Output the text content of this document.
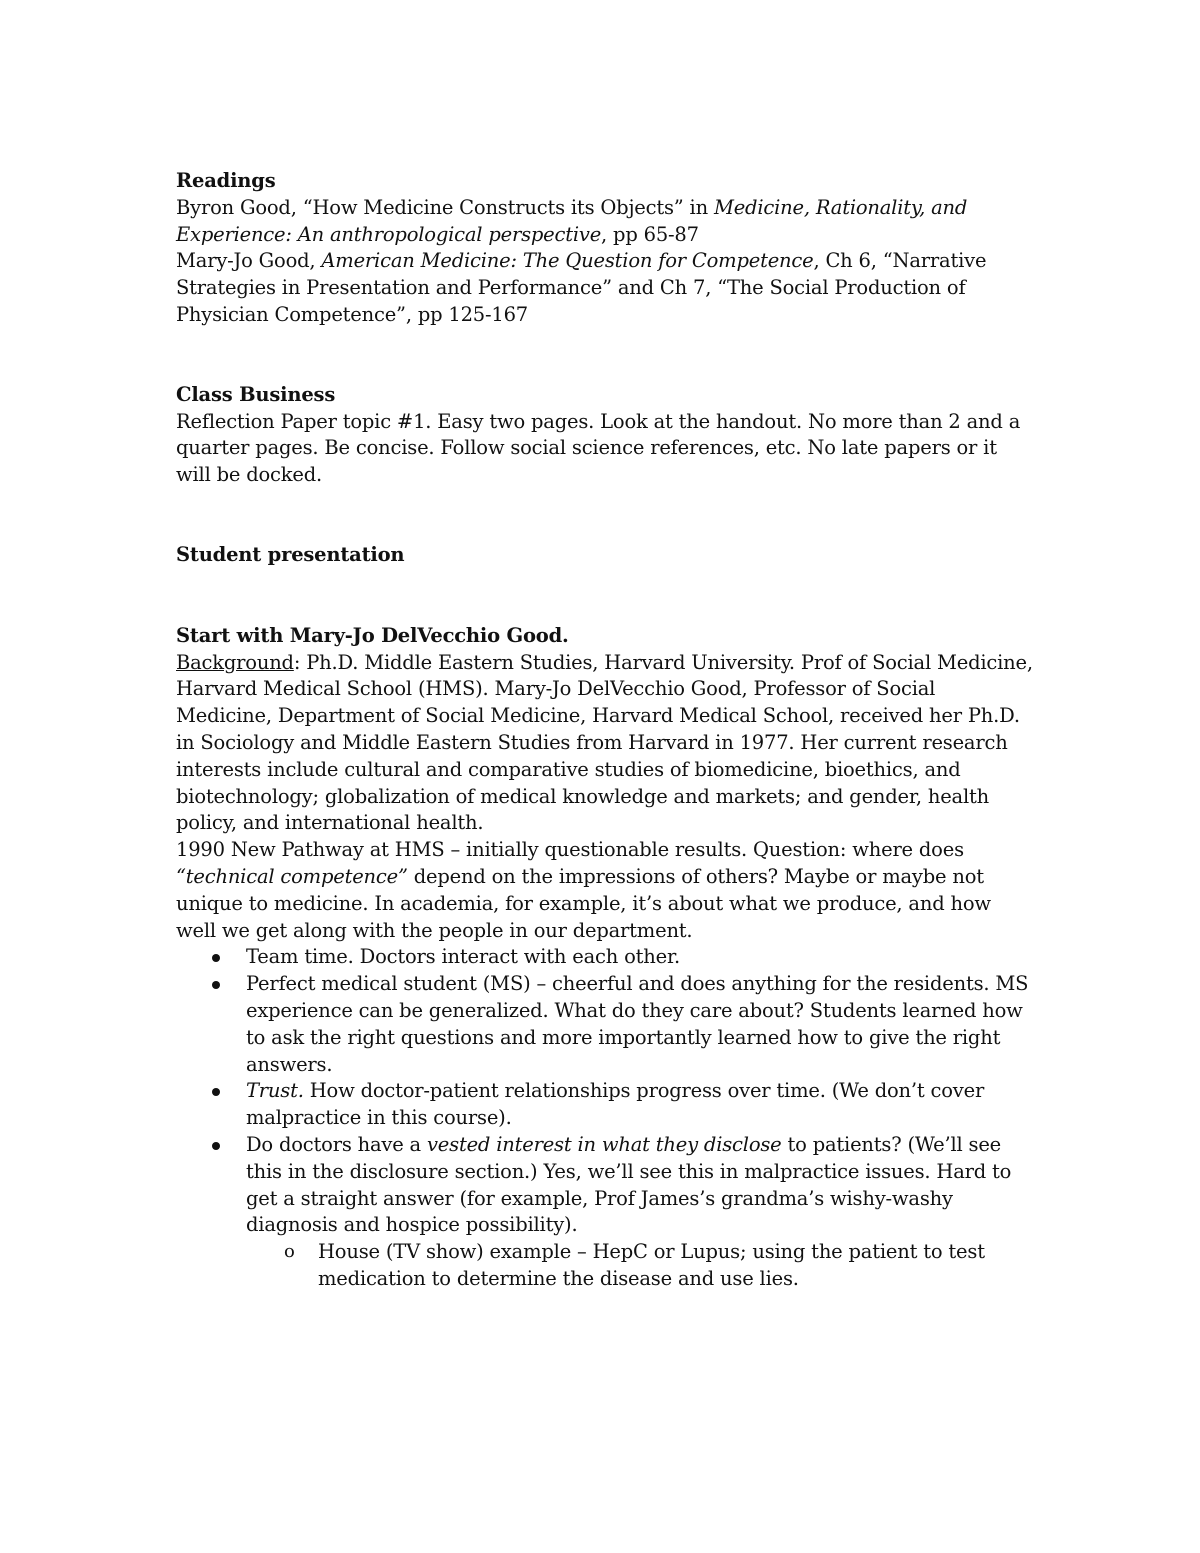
Readings

Byron Good, “How Medicine Constructs its Objects” in Medicine, Rationality, and Experience: An anthropological perspective, pp 65-87

Mary-Jo Good, American Medicine: The Question for Competence, Ch 6, “Narrative Strategies in Presentation and Performance” and Ch 7, “The Social Production of Physician Competence”, pp 125-167

Class Business

Reflection Paper topic #1. Easy two pages. Look at the handout. No more than 2 and a quarter pages. Be concise. Follow social science references, etc. No late papers or it will be docked.

Student presentation

Start with Mary-Jo DelVecchio Good.

Background: Ph.D. Middle Eastern Studies, Harvard University. Prof of Social Medicine, Harvard Medical School (HMS). Mary-Jo DelVecchio Good, Professor of Social Medicine, Department of Social Medicine, Harvard Medical School, received her Ph.D. in Sociology and Middle Eastern Studies from Harvard in 1977. Her current research interests include cultural and comparative studies of biomedicine, bioethics, and biotechnology; globalization of medical knowledge and markets; and gender, health policy, and international health.

1990 New Pathway at HMS – initially questionable results. Question: where does “technical competence” depend on the impressions of others? Maybe or maybe not unique to medicine. In academia, for example, it’s about what we produce, and how well we get along with the people in our department.

Team time. Doctors interact with each other.
Perfect medical student (MS) – cheerful and does anything for the residents. MS experience can be generalized. What do they care about? Students learned how to ask the right questions and more importantly learned how to give the right answers.
Trust. How doctor-patient relationships progress over time. (We don’t cover malpractice in this course).
Do doctors have a vested interest in what they disclose to patients? (We’ll see this in the disclosure section.) Yes, we’ll see this in malpractice issues. Hard to get a straight answer (for example, Prof James’s grandma’s wishy-washy diagnosis and hospice possibility).
o House (TV show) example – HepC or Lupus; using the patient to test medication to determine the disease and use lies.
